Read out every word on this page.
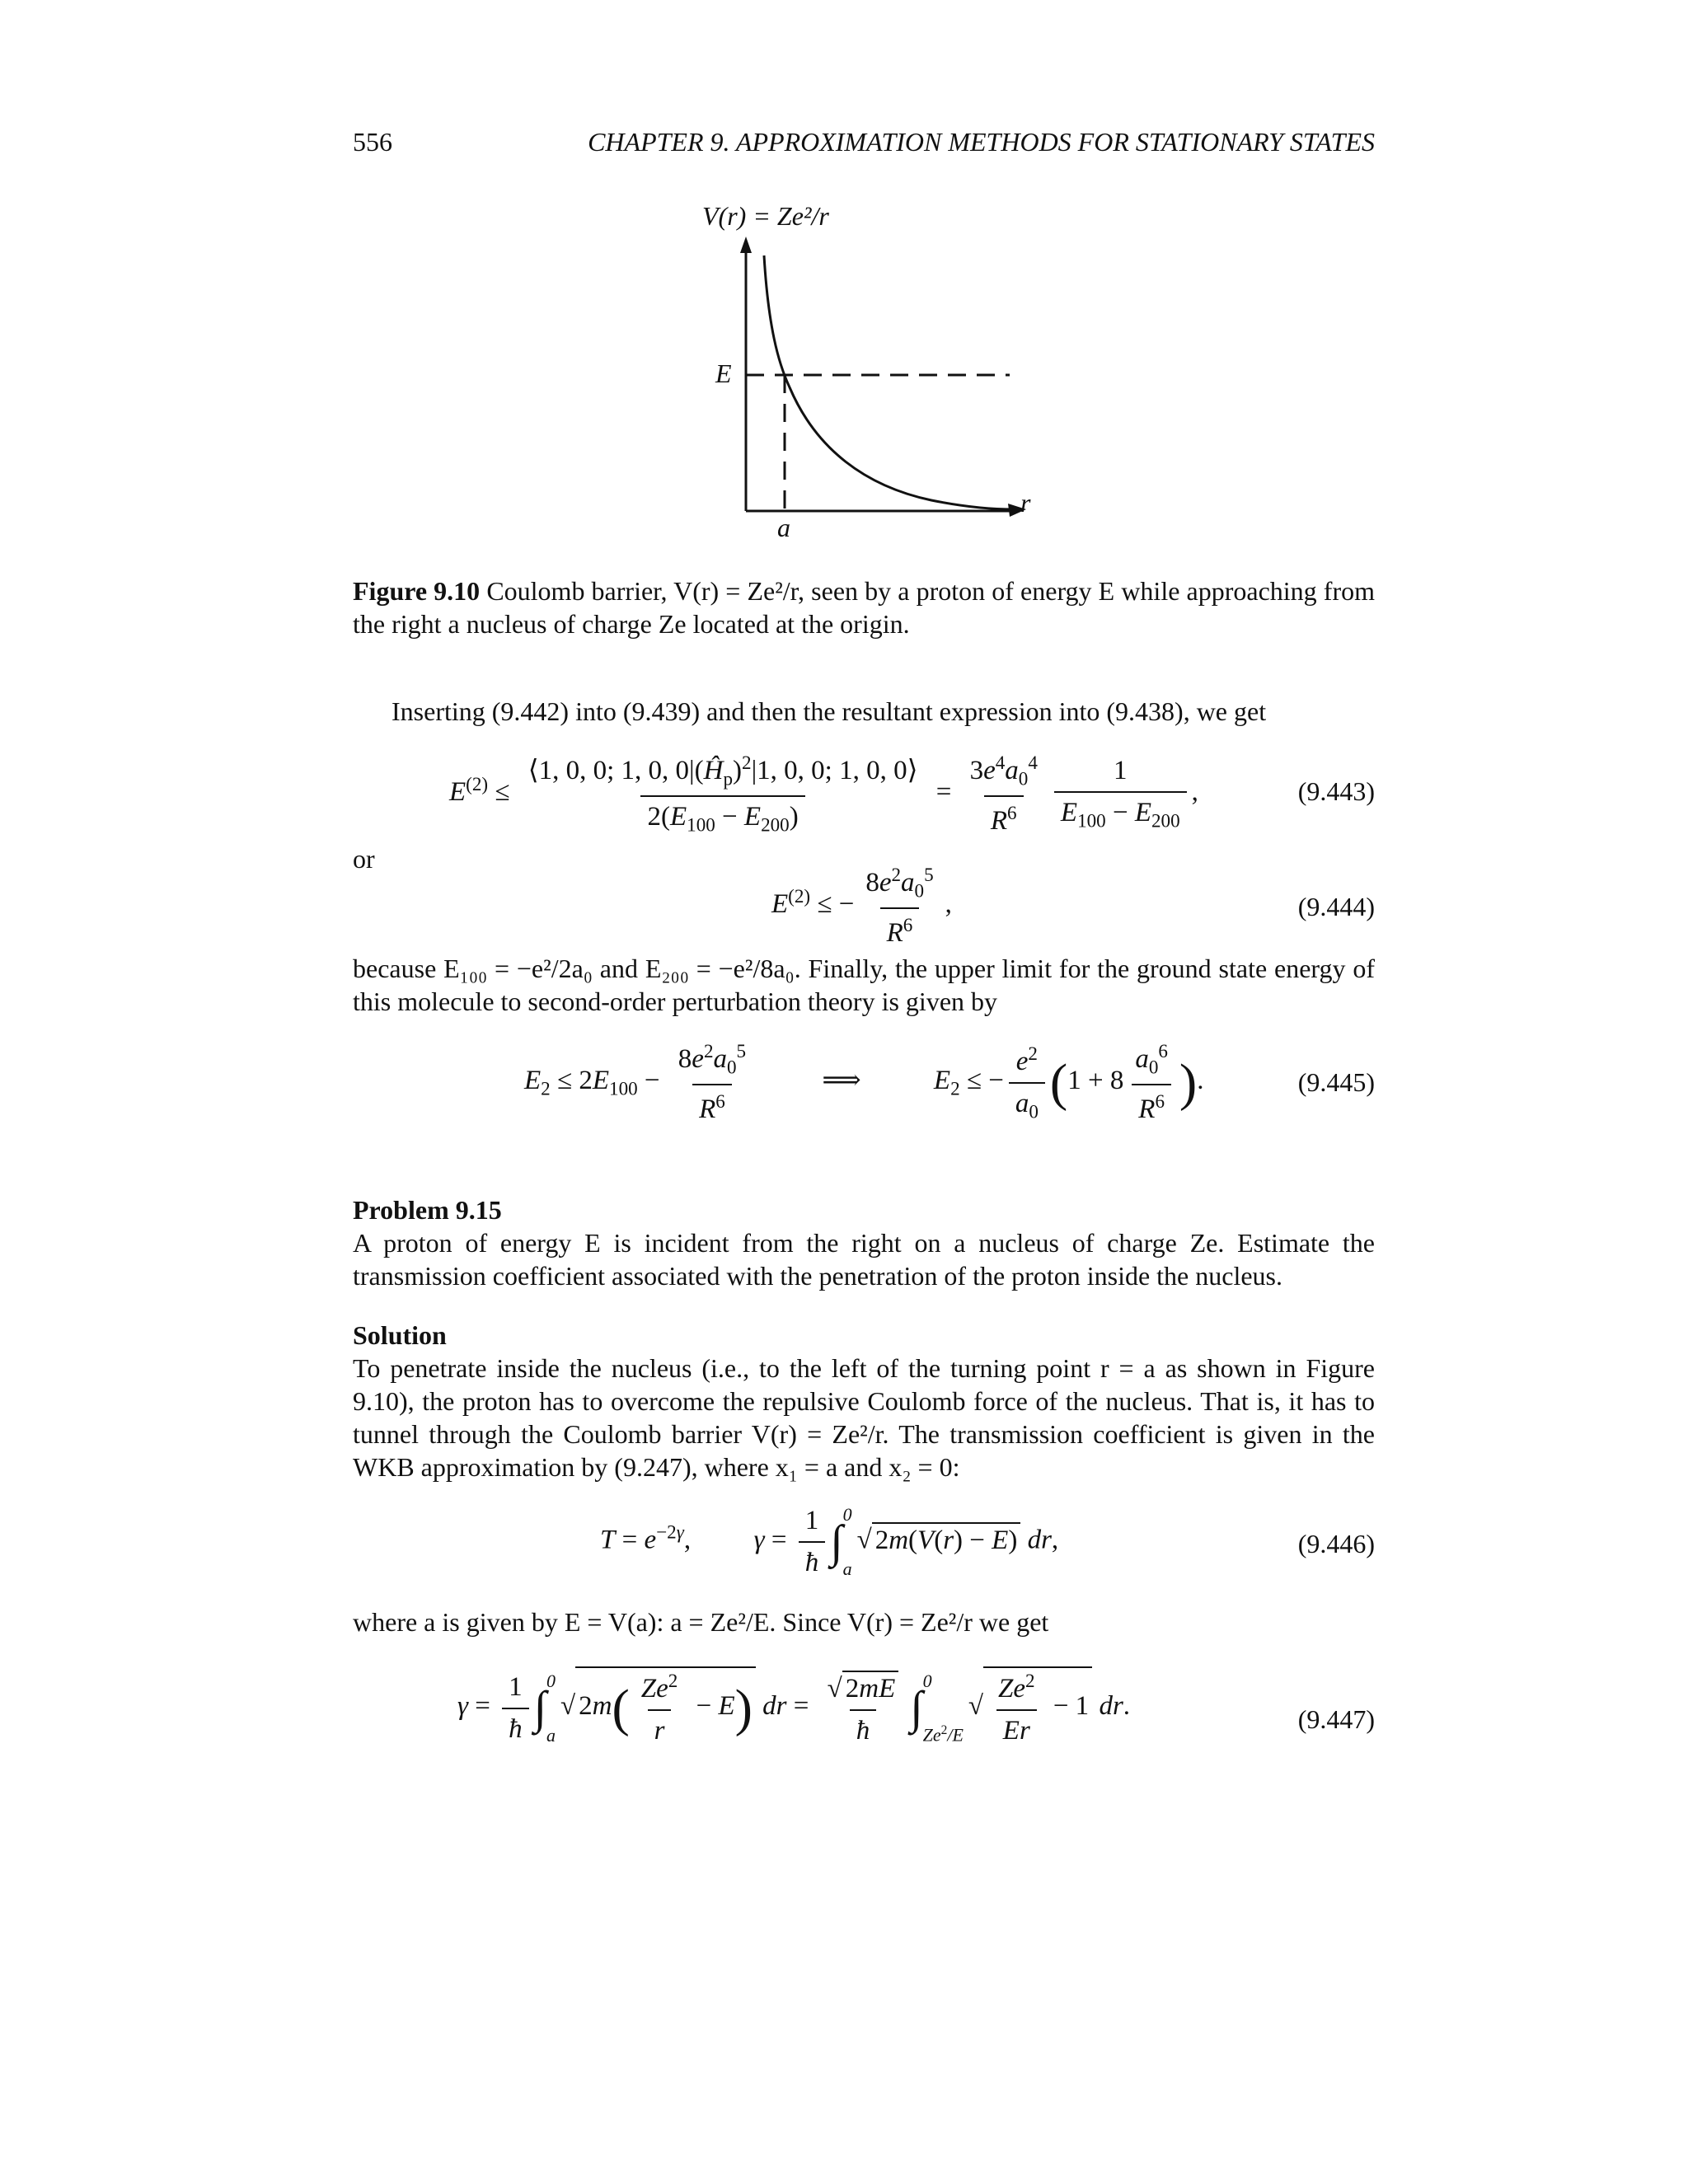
556	CHAPTER 9. APPROXIMATION METHODS FOR STATIONARY STATES
V(r) = Ze²/r
E
a
r
Figure 9.10 Coulomb barrier, V(r) = Ze²/r, seen by a proton of energy E while approaching from the right a nucleus of charge Ze located at the origin.
Inserting (9.442) into (9.439) and then the resultant expression into (9.438), we get
$E^{(2)} \le \frac{⟨1, 0, 0; 1, 0, 0|(Ĥ_p)^2|1, 0, 0; 1, 0, 0⟩}{2(E_{100} - E_{200})} = \frac{3e^4a_0^4}{R^6} \frac{1}{E_{100} - E_{200}}$ ,	(9.443)
or
$E^{(2)}$ ≤ − $\frac{8e^2a_0^5}{R^6}$ ,	(9.444)
because E₁₀₀ = −e²/2a₀ and E₂₀₀ = −e²/8a₀. Finally, the upper limit for the ground state energy of this molecule to second-order perturbation theory is given by
$E_2 \le 2E_{100} - \frac{8e^2a_0^5}{R^6}$	⟹	$E_2$ ≤ − $\frac{e^2}{a_0} (1 + 8 \frac{a_0^6}{R^6}$ ).	(9.445)
Problem 9.15
A proton of energy E is incident from the right on a nucleus of charge Ze. Estimate the transmission coefficient associated with the penetration of the proton inside the nucleus.
Solution
To penetrate inside the nucleus (i.e., to the left of the turning point r = a as shown in Figure 9.10), the proton has to overcome the repulsive Coulomb force of the nucleus. That is, it has to tunnel through the Coulomb barrier V(r) = Ze²/r. The transmission coefficient is given in the WKB approximation by (9.247), where x₁ = a and x₂ = 0:
$T = e^{-2\gamma}$,  $\gamma = \frac{1}{ħ}$ ∫
0
a
√ 2m(V(r) − E) dr,	(9.446)
where a is given by E = V(a): a = Ze²/E. Since V(r) = Ze²/r we get
$\gamma = \frac{1}{ħ}$ ∫
0
a
√ $2m( \frac{Ze^2}{r} - E)$ dr = $\frac{√ 2mE}{ħ}$ ∫
0
Ze$^2$/E
√ $\frac{Ze^2}{Er} - 1$ dr.	(9.447)
